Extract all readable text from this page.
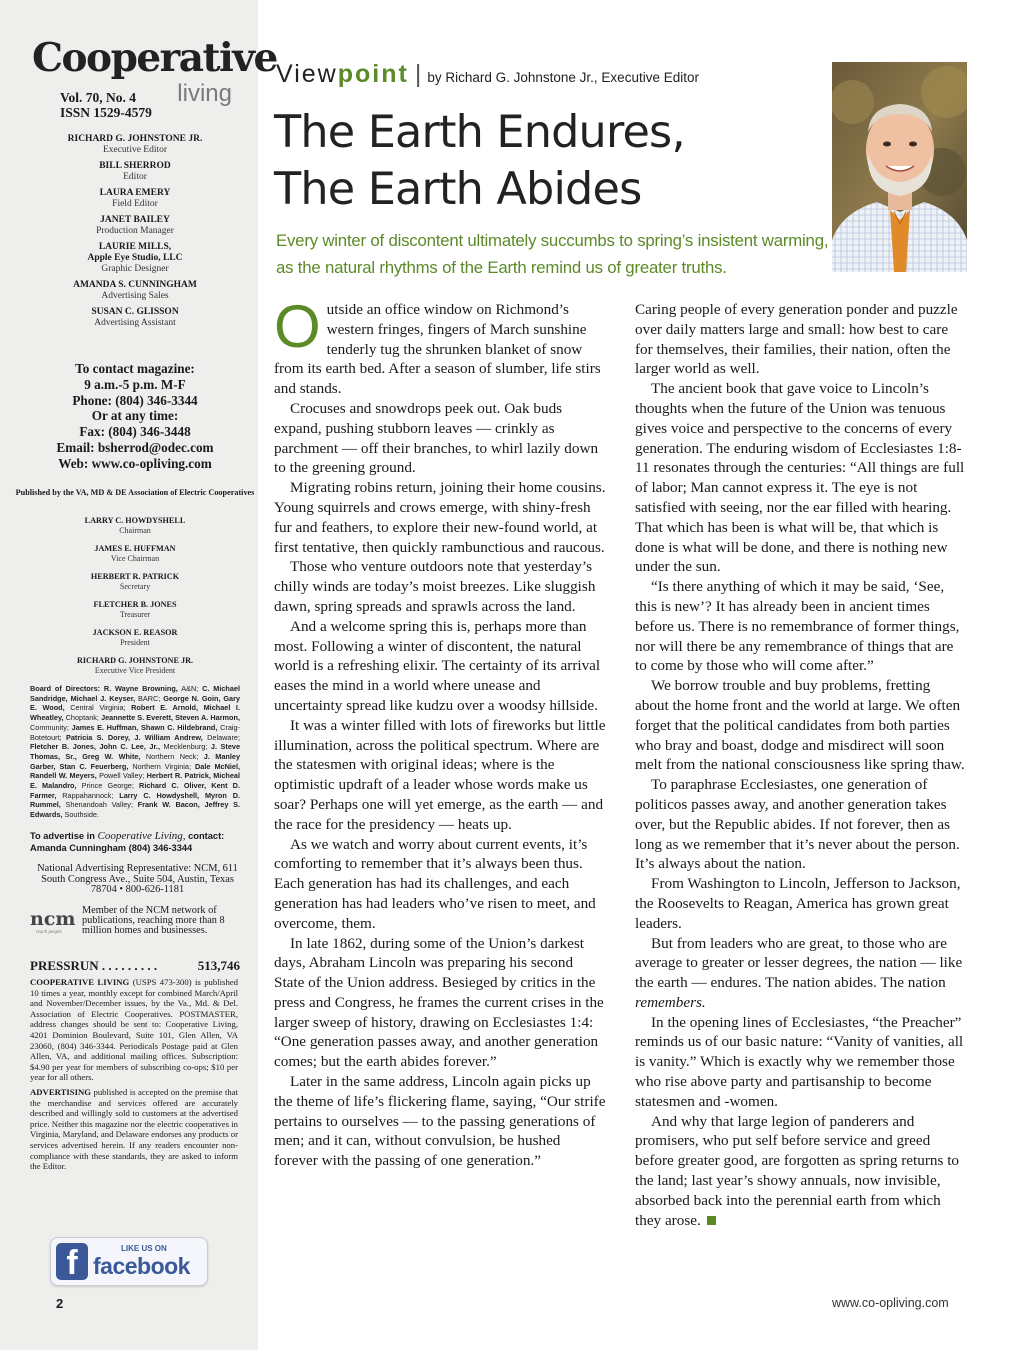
Cooperative
living
Vol. 70, No. 4
ISSN 1529-4579
RICHARD G. JOHNSTONE JR.
Executive Editor
BILL SHERROD
Editor
LAURA EMERY
Field Editor
JANET BAILEY
Production Manager
LAURIE MILLS,
Apple Eye Studio, LLC
Graphic Designer
AMANDA S. CUNNINGHAM
Advertising Sales
SUSAN C. GLISSON
Advertising Assistant
To contact magazine:
9 a.m.-5 p.m. M-F
Phone: (804) 346-3344
Or at any time:
Fax: (804) 346-3448
Email: bsherrod@odec.com
Web: www.co-opliving.com
Published by the VA, MD & DE Association of Electric Cooperatives
LARRY C. HOWDYSHELL
Chairman
JAMES E. HUFFMAN
Vice Chairman
HERBERT R. PATRICK
Secretary
FLETCHER B. JONES
Treasurer
JACKSON E. REASOR
President
RICHARD G. JOHNSTONE JR.
Executive Vice President
Board of Directors: R. Wayne Browning, A&N; C. Michael Sandridge, Michael J. Keyser, BARC; George N. Goin, Gary E. Wood, Central Virginia; Robert E. Arnold, Michael I. Wheatley, Choptank; Jeannette S. Everett, Steven A. Harmon, Community; James E. Huffman, Shawn C. Hildebrand, Craig-Botetourt; Patricia S. Dorey, J. William Andrew, Delaware; Fletcher B. Jones, John C. Lee, Jr., Mecklenburg; J. Steve Thomas, Sr., Greg W. White, Northern Neck; J. Manley Garber, Stan C. Feuerberg, Northern Virginia; Dale McNiel, Randell W. Meyers, Powell Valley; Herbert R. Patrick, Micheal E. Malandro, Prince George; Richard C. Oliver, Kent D. Farmer, Rappahannock; Larry C. Howdyshell, Myron D. Rummel, Shenandoah Valley; Frank W. Bacon, Jeffrey S. Edwards, Southside.
To advertise in Cooperative Living, contact:
Amanda Cunningham (804) 346-3344
National Advertising Representative: NCM, 611 South Congress Ave., Suite 504, Austin, Texas 78704 • 800-626-1181
ncm
reach people
Member of the NCM network of publications, reaching more than 8 million homes and businesses.
PRESSRUN . . . . . . . . .	513,746
COOPERATIVE LIVING (USPS 473-300) is published 10 times a year, monthly except for combined March/April and November/December issues, by the Va., Md. & Del. Association of Electric Cooperatives. POSTMASTER, address changes should be sent to: Cooperative Living, 4201 Dominion Boulevard, Suite 101, Glen Allen, VA 23060, (804) 346-3344. Periodicals Postage paid at Glen Allen, VA, and additional mailing offices. Subscription: $4.90 per year for members of subscribing co-ops; $10 per year for all others.
ADVERTISING published is accepted on the premise that the merchandise and services offered are accurately described and willingly sold to customers at the advertised price. Neither this magazine nor the electric cooperatives in Virginia, Maryland, and Delaware endorses any products or services advertised herein. If any readers encounter non-compliance with these standards, they are asked to inform the Editor.
f	LIKE US ON
facebook
2
Viewpoint | by Richard G. Johnstone Jr., Executive Editor
The Earth Endures,
The Earth Abides
Every winter of discontent ultimately succumbs to spring’s insistent warming, as the natural rhythms of the Earth remind us of greater truths.

Outside an office window on Richmond’s western fringes, fingers of March sunshine tenderly tug the shrunken blanket of snow from its earth bed. After a season of slumber, life stirs and stands.

Crocuses and snowdrops peek out. Oak buds expand, pushing stubborn leaves — crinkly as parchment — off their branches, to whirl lazily down to the greening ground.

Migrating robins return, joining their home cousins. Young squirrels and crows emerge, with shiny-fresh fur and feathers, to explore their new-found world, at first tentative, then quickly rambunctious and raucous.

Those who venture outdoors note that yesterday’s chilly winds are today’s moist breezes. Like sluggish dawn, spring spreads and sprawls across the land.

And a welcome spring this is, perhaps more than most. Following a winter of discontent, the natural world is a refreshing elixir. The certainty of its arrival eases the mind in a world where unease and uncertainty spread like kudzu over a woodsy hillside.

It was a winter filled with lots of fireworks but little illumination, across the political spectrum. Where are the statesmen with original ideas; where is the optimistic updraft of a leader whose words make us soar? Perhaps one will yet emerge, as the earth — and the race for the presidency — heats up.

As we watch and worry about current events, it’s comforting to remember that it’s always been thus. Each generation has had its challenges, and each generation has had leaders who’ve risen to meet, and overcome, them.

In late 1862, during some of the Union’s darkest days, Abraham Lincoln was preparing his second State of the Union address. Besieged by critics in the press and Congress, he frames the current crises in the larger sweep of history, drawing on Ecclesiastes 1:4: “One generation passes away, and another generation comes; but the earth abides forever.”

Later in the same address, Lincoln again picks up the theme of life’s flickering flame, saying, “Our strife pertains to ourselves — to the passing generations of men; and it can, without convulsion, be hushed forever with the passing of one generation.”

Caring people of every generation ponder and puzzle over daily matters large and small: how best to care for themselves, their families, their nation, often the larger world as well.

The ancient book that gave voice to Lincoln’s thoughts when the future of the Union was tenuous gives voice and perspective to the concerns of every generation. The enduring wisdom of Ecclesiastes 1:8-11 resonates through the centuries: “All things are full of labor; Man cannot express it. The eye is not satisfied with seeing, nor the ear filled with hearing. That which has been is what will be, that which is done is what will be done, and there is nothing new under the sun.

“Is there anything of which it may be said, ‘See, this is new’? It has already been in ancient times before us. There is no remembrance of former things, nor will there be any remembrance of things that are to come by those who will come after.”

We borrow trouble and buy problems, fretting about the home front and the world at large. We often forget that the political candidates from both parties who bray and boast, dodge and misdirect will soon melt from the national consciousness like spring thaw.

To paraphrase Ecclesiastes, one generation of politicos passes away, and another generation takes over, but the Republic abides. If not forever, then as long as we remember that it’s never about the person. It’s always about the nation.

From Washington to Lincoln, Jefferson to Jackson, the Roosevelts to Reagan, America has grown great leaders.

But from leaders who are great, to those who are average to greater or lesser degrees, the nation — like the earth — endures. The nation abides. The nation remembers.

In the opening lines of Ecclesiastes, “the Preacher” reminds us of our basic nature: “Vanity of vanities, all is vanity.” Which is exactly why we remember those who rise above party and partisanship to become statesmen and -women.

And why that large legion of panderers and promisers, who put self before service and greed before greater good, are forgotten as spring returns to the land; last year’s showy annuals, now invisible, absorbed back into the perennial earth from which they arose.

www.co-opliving.com
